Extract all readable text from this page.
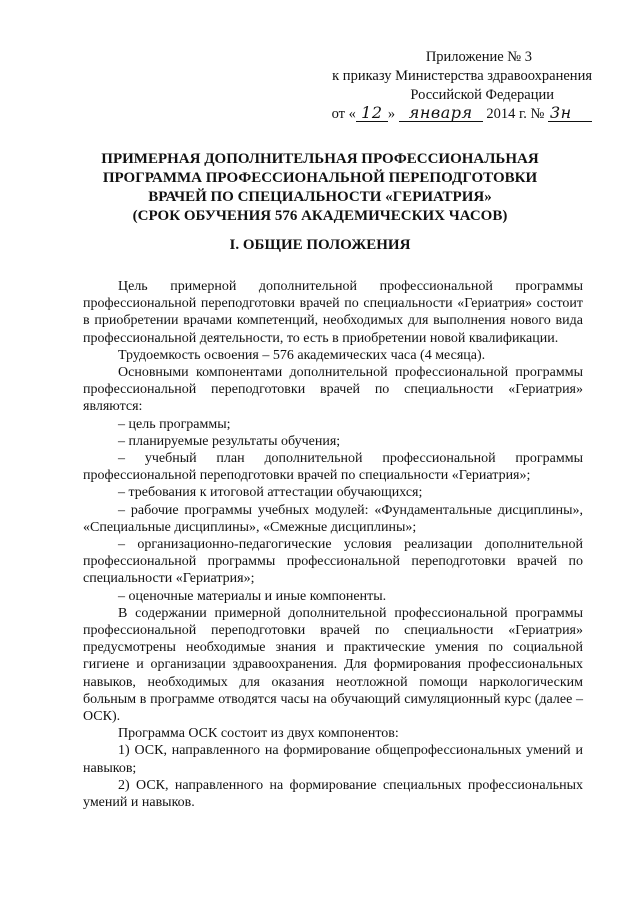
Приложение № 3
к приказу Министерства здравоохранения
Российской Федерации
от « 12 » января 2014 г. № 3н
ПРИМЕРНАЯ ДОПОЛНИТЕЛЬНАЯ ПРОФЕССИОНАЛЬНАЯ
ПРОГРАММА ПРОФЕССИОНАЛЬНОЙ ПЕРЕПОДГОТОВКИ
ВРАЧЕЙ ПО СПЕЦИАЛЬНОСТИ «ГЕРИАТРИЯ»
(СРОК ОБУЧЕНИЯ 576 АКАДЕМИЧЕСКИХ ЧАСОВ)
I. ОБЩИЕ ПОЛОЖЕНИЯ

Цель примерной дополнительной профессиональной программы профессиональной переподготовки врачей по специальности «Гериатрия» состоит в приобретении врачами компетенций, необходимых для выполнения нового вида профессиональной деятельности, то есть в приобретении новой квалификации.

Трудоемкость освоения – 576 академических часа (4 месяца).

Основными компонентами дополнительной профессиональной программы профессиональной переподготовки врачей по специальности «Гериатрия» являются:

– цель программы;

– планируемые результаты обучения;

– учебный план дополнительной профессиональной программы профессиональной переподготовки врачей по специальности «Гериатрия»;

– требования к итоговой аттестации обучающихся;

– рабочие программы учебных модулей: «Фундаментальные дисциплины», «Специальные дисциплины», «Смежные дисциплины»;

– организационно-педагогические условия реализации дополнительной профессиональной программы профессиональной переподготовки врачей по специальности «Гериатрия»;

– оценочные материалы и иные компоненты.

В содержании примерной дополнительной профессиональной программы профессиональной переподготовки врачей по специальности «Гериатрия» предусмотрены необходимые знания и практические умения по социальной гигиене и организации здравоохранения. Для формирования профессиональных навыков, необходимых для оказания неотложной помощи наркологическим больным в программе отводятся часы на обучающий симуляционный курс (далее – ОСК).

Программа ОСК состоит из двух компонентов:

1) ОСК, направленного на формирование общепрофессиональных умений и навыков;

2) ОСК, направленного на формирование специальных профессиональных умений и навыков.
